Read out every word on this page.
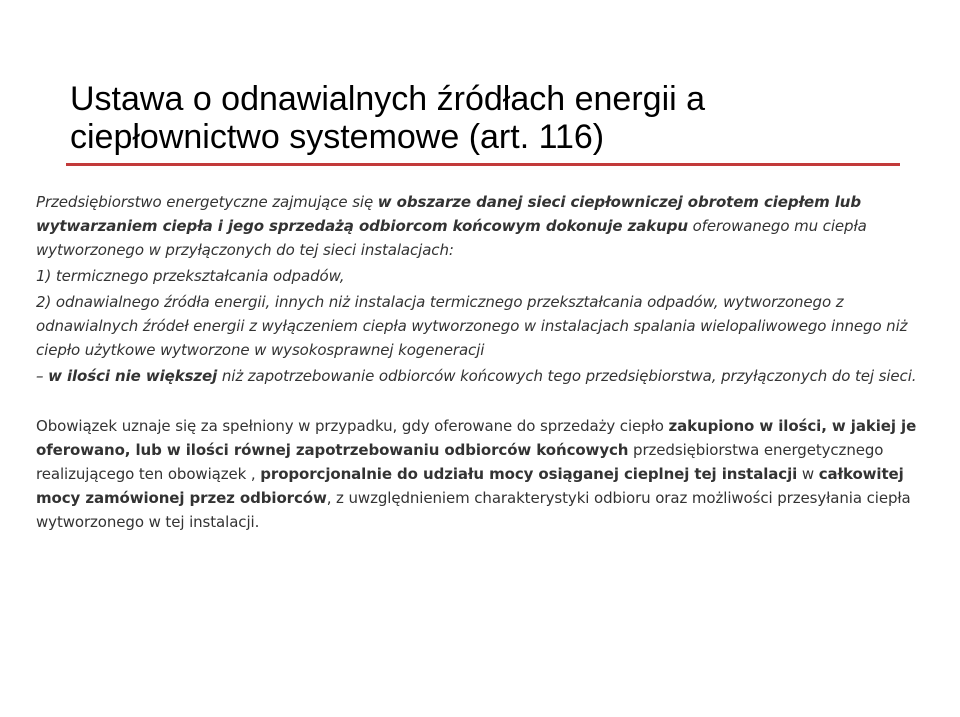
Ustawa o odnawialnych źródłach energii a
ciepłownictwo systemowe (art. 116)

Przedsiębiorstwo energetyczne zajmujące się w obszarze danej sieci ciepłowniczej obrotem ciepłem lub wytwarzaniem ciepła i jego sprzedażą odbiorcom końcowym dokonuje zakupu oferowanego mu ciepła wytworzonego w przyłączonych do tej sieci instalacjach:

1) termicznego przekształcania odpadów,

2) odnawialnego źródła energii, innych niż instalacja termicznego przekształcania odpadów, wytworzonego z odnawialnych źródeł energii z wyłączeniem ciepła wytworzonego w instalacjach spalania wielopaliwowego innego niż ciepło użytkowe wytworzone w wysokosprawnej kogeneracji

– w ilości nie większej niż zapotrzebowanie odbiorców końcowych tego przedsiębiorstwa, przyłączonych do tej sieci.

Obowiązek uznaje się za spełniony w przypadku, gdy oferowane do sprzedaży ciepło zakupiono w ilości, w jakiej je oferowano, lub w ilości równej zapotrzebowaniu odbiorców końcowych przedsiębiorstwa energetycznego realizującego ten obowiązek , proporcjonalnie do udziału mocy osiąganej cieplnej tej instalacji w całkowitej mocy zamówionej przez odbiorców, z uwzględnieniem charakterystyki odbioru oraz możliwości przesyłania ciepła wytworzonego w tej instalacji.
